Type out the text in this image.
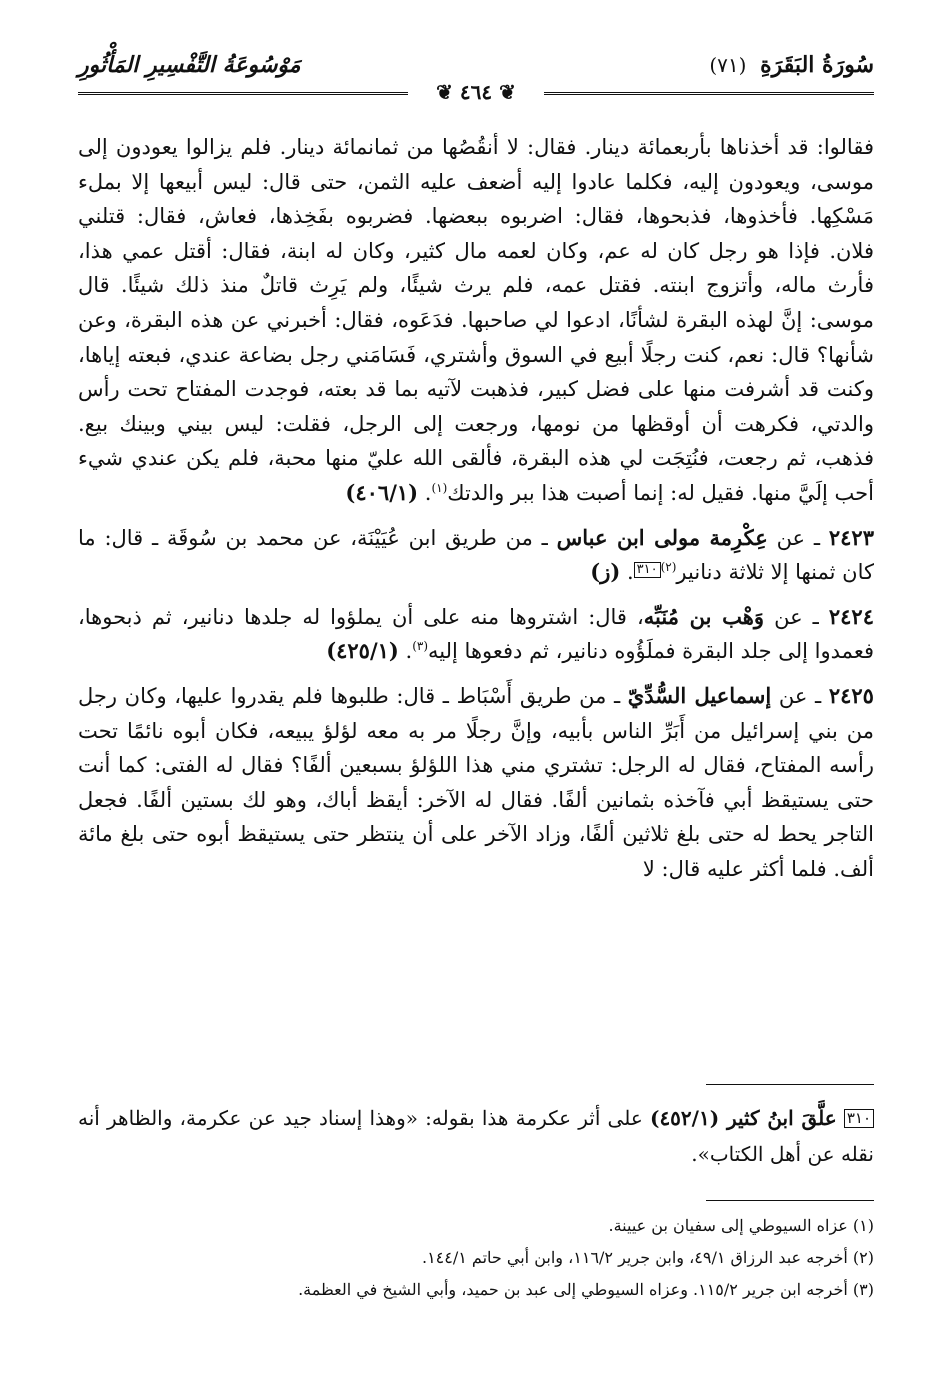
سُورَةُ البَقَرَةِ (٧١)
❦ ٤٦٤ ❦
مَوْسُوعَةُ التَّفْسِيرِ المَأْثُورِ

فقالوا: قد أخذناها بأربعمائة دينار. فقال: لا أنقُصُها من ثمانمائة دينار. فلم يزالوا يعودون إلى موسى، ويعودون إليه، فكلما عادوا إليه أضعف عليه الثمن، حتى قال: ليس أبيعها إلا بملء مَسْكِها. فأخذوها، فذبحوها، فقال: اضربوه ببعضها. فضربوه بفَخِذها، فعاش، فقال: قتلني فلان. فإذا هو رجل كان له عم، وكان لعمه مال كثير، وكان له ابنة، فقال: أقتل عمي هذا، فأرث ماله، وأتزوج ابنته. فقتل عمه، فلم يرث شيئًا، ولم يَرِث قاتلٌ منذ ذلك شيئًا. قال موسى: إنَّ لهذه البقرة لشأنًا، ادعوا لي صاحبها. فدَعَوه، فقال: أخبرني عن هذه البقرة، وعن شأنها؟ قال: نعم، كنت رجلًا أبيع في السوق وأشتري، فَسَامَني رجل بضاعة عندي، فبعته إياها، وكنت قد أشرفت منها على فضل كبير، فذهبت لآتيه بما قد بعته، فوجدت المفتاح تحت رأس والدتي، فكرهت أن أوقظها من نومها، ورجعت إلى الرجل، فقلت: ليس بيني وبينك بيع. فذهب، ثم رجعت، فنُتِجَت لي هذه البقرة، فألقى الله عليّ منها محبة، فلم يكن عندي شيء أحب إلَيَّ منها. فقيل له: إنما أصبت هذا ببر والدتك$^{(١)}$. (٤٠٦/١)

٢٤٢٣ ـ عن عِكْرِمة مولى ابن عباس ـ من طريق ابن عُيَيْنَة، عن محمد بن سُوقَة ـ قال: ما كان ثمنها إلا ثلاثة دنانير$^{(٢)}$٣١٠. (ز)

٢٤٢٤ ـ عن وَهْب بن مُنَبِّه، قال: اشتروها منه على أن يملؤوا له جلدها دنانير، ثم ذبحوها، فعمدوا إلى جلد البقرة فملَؤُوه دنانير، ثم دفعوها إليه$^{(٣)}$. (٤٢٥/١)

٢٤٢٥ ـ عن إسماعيل السُّدِّيّ ـ من طريق أَسْبَاط ـ قال: طلبوها فلم يقدروا عليها، وكان رجل من بني إسرائيل من أَبَرِّ الناس بأبيه، وإنَّ رجلًا مر به معه لؤلؤ يبيعه، فكان أبوه نائمًا تحت رأسه المفتاح، فقال له الرجل: تشتري مني هذا اللؤلؤ بسبعين ألفًا؟ فقال له الفتى: كما أنت حتى يستيقظ أبي فآخذه بثمانين ألفًا. فقال له الآخر: أيقظ أباك، وهو لك بستين ألفًا. فجعل التاجر يحط له حتى بلغ ثلاثين ألفًا، وزاد الآخر على أن ينتظر حتى يستيقظ أبوه حتى بلغ مائة ألف. فلما أكثر عليه قال: لا

٣١٠ علَّقَ ابنُ كثير (٤٥٢/١) على أثر عكرمة هذا بقوله: «وهذا إسناد جيد عن عكرمة، والظاهر أنه نقله عن أهل الكتاب».

(١) عزاه السيوطي إلى سفيان بن عيينة.

(٢) أخرجه عبد الرزاق ٤٩/١، وابن جرير ١١٦/٢، وابن أبي حاتم ١٤٤/١.

(٣) أخرجه ابن جرير ١١٥/٢. وعزاه السيوطي إلى عبد بن حميد، وأبي الشيخ في العظمة.
